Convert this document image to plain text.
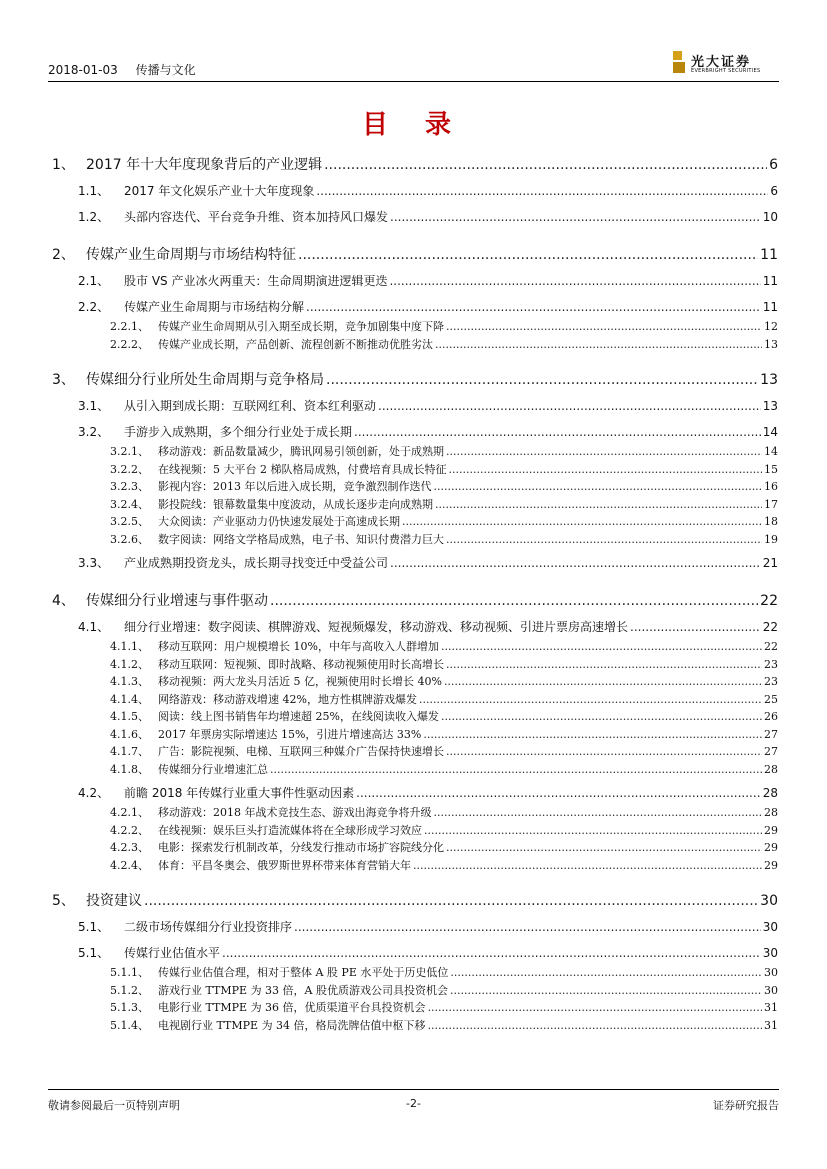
2018-01-03 传播与文化	光大证券
EVERBRIGHT SECURITIES
目 录
1、 2017 年十大年度现象背后的产业逻辑 .....	6
1.1、	2017 年文化娱乐产业十大年度现象 .....	6
1.2、	头部内容迭代、平台竞争升维、资本加持风口爆发 .....	10
2、 传媒产业生命周期与市场结构特征 .....	11
2.1、	股市 VS 产业冰火两重天：生命周期演进逻辑更迭 .....	11
2.2、	传媒产业生命周期与市场结构分解 .....	11
2.2.1、 传媒产业生命周期从引入期至成长期，竞争加剧集中度下降 .....	12
2.2.2、 传媒产业成长期，产品创新、流程创新不断推动优胜劣汰 .....	13
3、 传媒细分行业所处生命周期与竞争格局 .....	13
3.1、	从引入期到成长期：互联网红利、资本红利驱动 .....	13
3.2、	手游步入成熟期，多个细分行业处于成长期 .....	14
3.2.1、 移动游戏：新品数量减少，腾讯网易引领创新，处于成熟期 .....	14
3.2.2、 在线视频：5 大平台 2 梯队格局成熟，付费培育具成长特征 .....	15
3.2.3、 影视内容：2013 年以后进入成长期，竞争激烈制作迭代 .....	16
3.2.4、 影投院线：银幕数量集中度波动，从成长逐步走向成熟期 .....	17
3.2.5、 大众阅读：产业驱动力仍快速发展处于高速成长期 .....	18
3.2.6、 数字阅读：网络文学格局成熟，电子书、知识付费潜力巨大 .....	19
3.3、	产业成熟期投资龙头，成长期寻找变迁中受益公司 .....	21
4、 传媒细分行业增速与事件驱动 .....	22
4.1、	细分行业增速：数字阅读、棋牌游戏、短视频爆发，移动游戏、移动视频、引进片票房高速增长 .....	22
4.1.1、 移动互联网：用户规模增长 10%，中年与高收入人群增加 .....	22
4.1.2、 移动互联网：短视频、即时战略、移动视频使用时长高增长 .....	23
4.1.3、 移动视频：两大龙头月活近 5 亿，视频使用时长增长 40% .....	23
4.1.4、 网络游戏：移动游戏增速 42%，地方性棋牌游戏爆发 .....	25
4.1.5、 阅读：线上图书销售年均增速超 25%，在线阅读收入爆发 .....	26
4.1.6、 2017 年票房实际增速达 15%，引进片增速高达 33% .....	27
4.1.7、 广告：影院视频、电梯、互联网三种媒介广告保持快速增长 .....	27
4.1.8、 传媒细分行业增速汇总 .....	28
4.2、	前瞻 2018 年传媒行业重大事件性驱动因素 .....	28
4.2.1、 移动游戏：2018 年战术竞技生态、游戏出海竞争将升级 .....	28
4.2.2、 在线视频：娱乐巨头打造流媒体将在全球形成学习效应 .....	29
4.2.3、 电影：探索发行机制改革，分线发行推动市场扩容院线分化 .....	29
4.2.4、 体育：平昌冬奥会、俄罗斯世界杯带来体育营销大年 .....	29
5、 投资建议 .....	30
5.1、	二级市场传媒细分行业投资排序 .....	30
5.1、	传媒行业估值水平 .....	30
5.1.1、 传媒行业估值合理，相对于整体 A 股 PE 水平处于历史低位 .....	30
5.1.2、 游戏行业 TTMPE 为 33 倍，A 股优质游戏公司具投资机会 .....	30
5.1.3、 电影行业 TTMPE 为 36 倍，优质渠道平台具投资机会 .....	31
5.1.4、 电视剧行业 TTMPE 为 34 倍，格局洗牌估值中枢下移 .....	31
敬请参阅最后一页特别声明	-2-	证券研究报告
